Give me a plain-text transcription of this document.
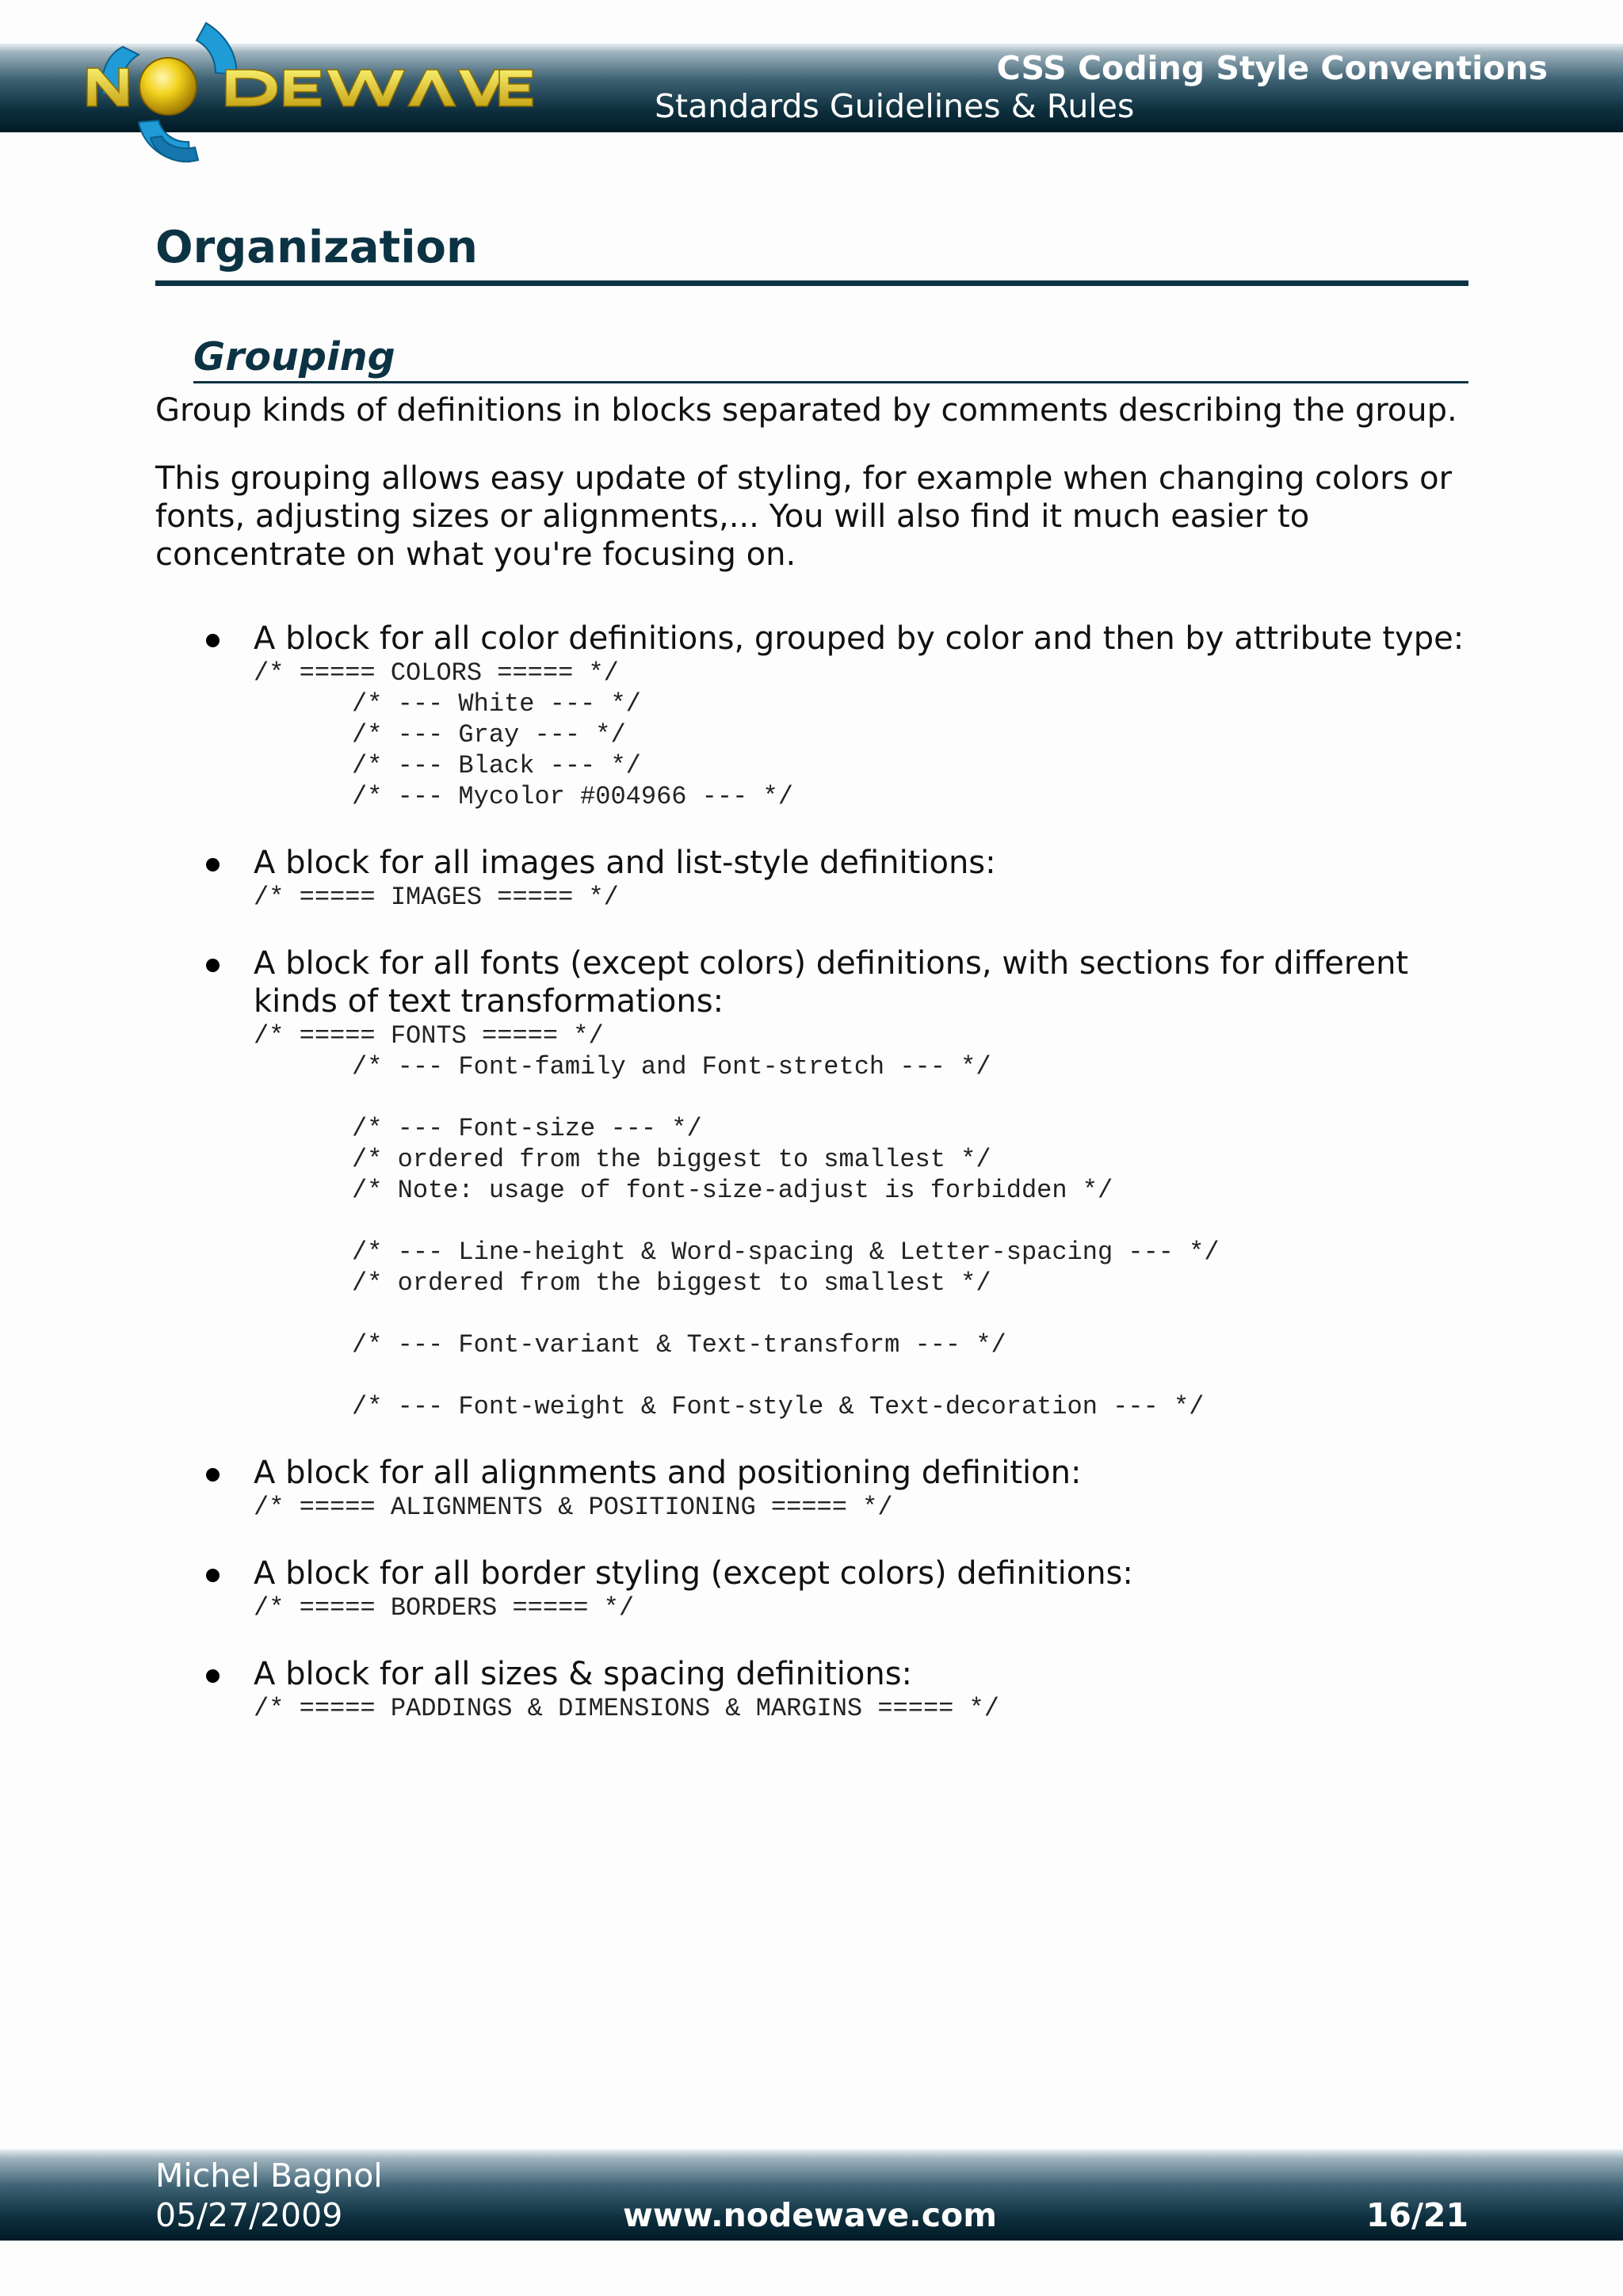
CSS Coding Style Conventions
Standards Guidelines & Rules
Organization
Grouping

Group kinds of definitions in blocks separated by comments describing the group.

This grouping allows easy update of styling, for example when changing colors or fonts, adjusting sizes or alignments,... You will also find it much easier to concentrate on what you're focusing on.

A block for all color definitions, grouped by color and then by attribute type:
/* ===== COLORS ===== */
/* --- White --- */
/* --- Gray --- */
/* --- Black --- */
/* --- Mycolor #004966 --- */
A block for all images and list-style definitions:
/* ===== IMAGES ===== */
A block for all fonts (except colors) definitions, with sections for different kinds of text transformations:
/* ===== FONTS ===== */
/* --- Font-family and Font-stretch --- */
/* --- Font-size --- */
/* ordered from the biggest to smallest */
/* Note: usage of font-size-adjust is forbidden */
/* --- Line-height & Word-spacing & Letter-spacing --- */
/* ordered from the biggest to smallest */
/* --- Font-variant & Text-transform --- */
/* --- Font-weight & Font-style & Text-decoration --- */
A block for all alignments and positioning definition:
/* ===== ALIGNMENTS & POSITIONING ===== */
A block for all border styling (except colors) definitions:
/* ===== BORDERS ===== */
A block for all sizes & spacing definitions:
/* ===== PADDINGS & DIMENSIONS & MARGINS ===== */
Michel Bagnol
05/27/2009	www.nodewave.com	16/21
